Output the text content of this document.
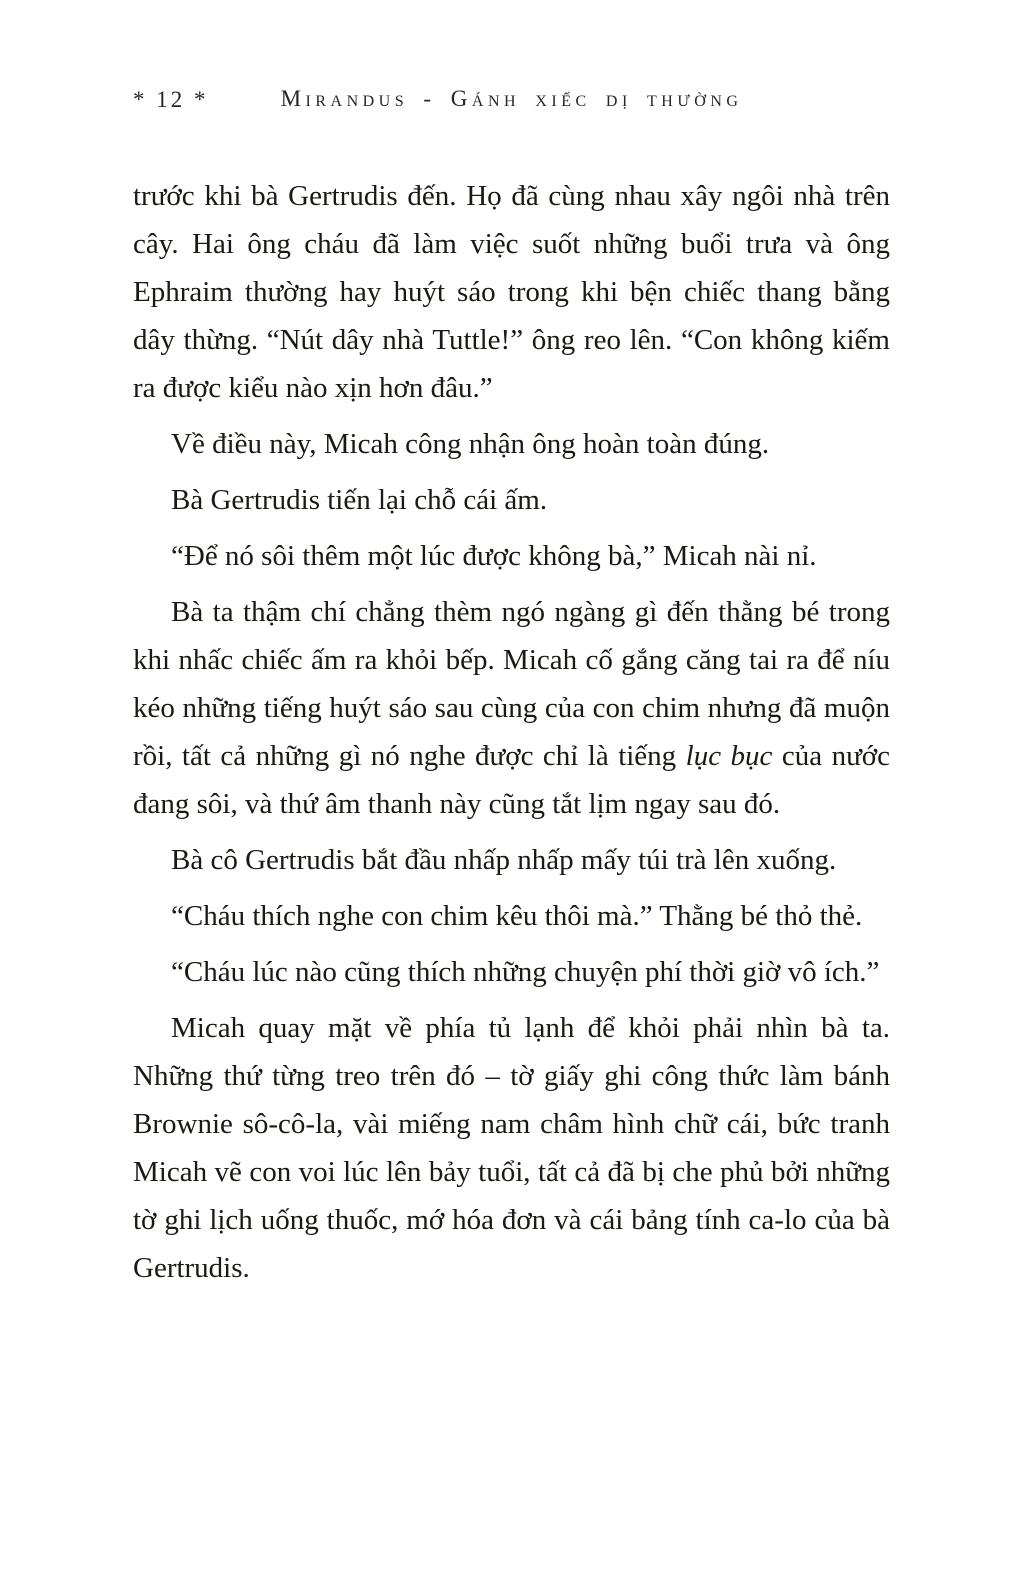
* 12 *	Mirandus - Gánh xiếc dị thường

trước khi bà Gertrudis đến. Họ đã cùng nhau xây ngôi nhà trên cây. Hai ông cháu đã làm việc suốt những buổi trưa và ông Ephraim thường hay huýt sáo trong khi bện chiếc thang bằng dây thừng. “Nút dây nhà Tuttle!” ông reo lên. “Con không kiếm ra được kiểu nào xịn hơn đâu.”

Về điều này, Micah công nhận ông hoàn toàn đúng.

Bà Gertrudis tiến lại chỗ cái ấm.

“Để nó sôi thêm một lúc được không bà,” Micah nài nỉ.

Bà ta thậm chí chẳng thèm ngó ngàng gì đến thằng bé trong khi nhấc chiếc ấm ra khỏi bếp. Micah cố gắng căng tai ra để níu kéo những tiếng huýt sáo sau cùng của con chim nhưng đã muộn rồi, tất cả những gì nó nghe được chỉ là tiếng lục bục của nước đang sôi, và thứ âm thanh này cũng tắt lịm ngay sau đó.

Bà cô Gertrudis bắt đầu nhấp nhấp mấy túi trà lên xuống.

“Cháu thích nghe con chim kêu thôi mà.” Thằng bé thỏ thẻ.

“Cháu lúc nào cũng thích những chuyện phí thời giờ vô ích.”

Micah quay mặt về phía tủ lạnh để khỏi phải nhìn bà ta. Những thứ từng treo trên đó – tờ giấy ghi công thức làm bánh Brownie sô-cô-la, vài miếng nam châm hình chữ cái, bức tranh Micah vẽ con voi lúc lên bảy tuổi, tất cả đã bị che phủ bởi những tờ ghi lịch uống thuốc, mớ hóa đơn và cái bảng tính ca-lo của bà Gertrudis.
